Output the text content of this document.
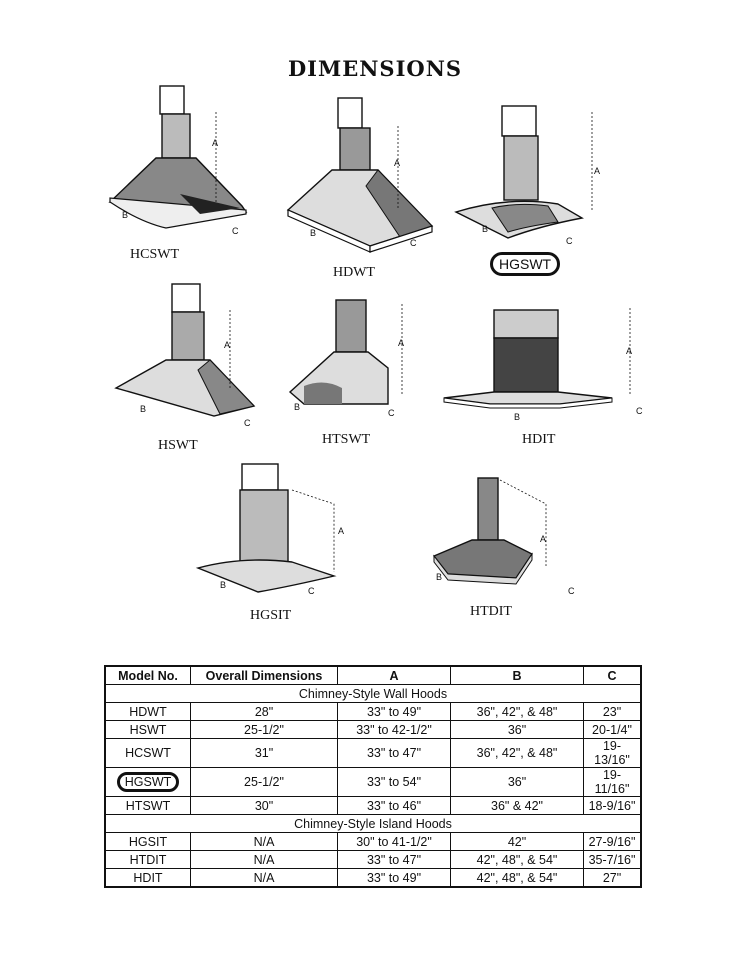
DIMENSIONS
A
B
C
HCSWT
A
B
C
HDWT
A
B
C
HGSWT
A
B
C
HSWT
A
B
C
HTSWT
A
B
C
HDIT
A
B
C
HGSIT
A
B
C
HTDIT
Model No.	Overall Dimensions	A	B	C
Chimney-Style Wall Hoods				
HDWT	28"	33" to 49"	36", 42", & 48"	23"
HSWT	25-1/2"	33" to 42-1/2"	36"	20-1/4"
HCSWT	31"	33" to 47"	36", 42", & 48"	19-13/16"
HGSWT	25-1/2"	33" to 54"	36"	19-11/16"
HTSWT	30"	33" to 46"	36" & 42"	18-9/16"
Chimney-Style Island Hoods				
HGSIT	N/A	30" to 41-1/2"	42"	27-9/16"
HTDIT	N/A	33" to 47"	42", 48", & 54"	35-7/16"
HDIT	N/A	33" to 49"	42", 48", & 54"	27"
